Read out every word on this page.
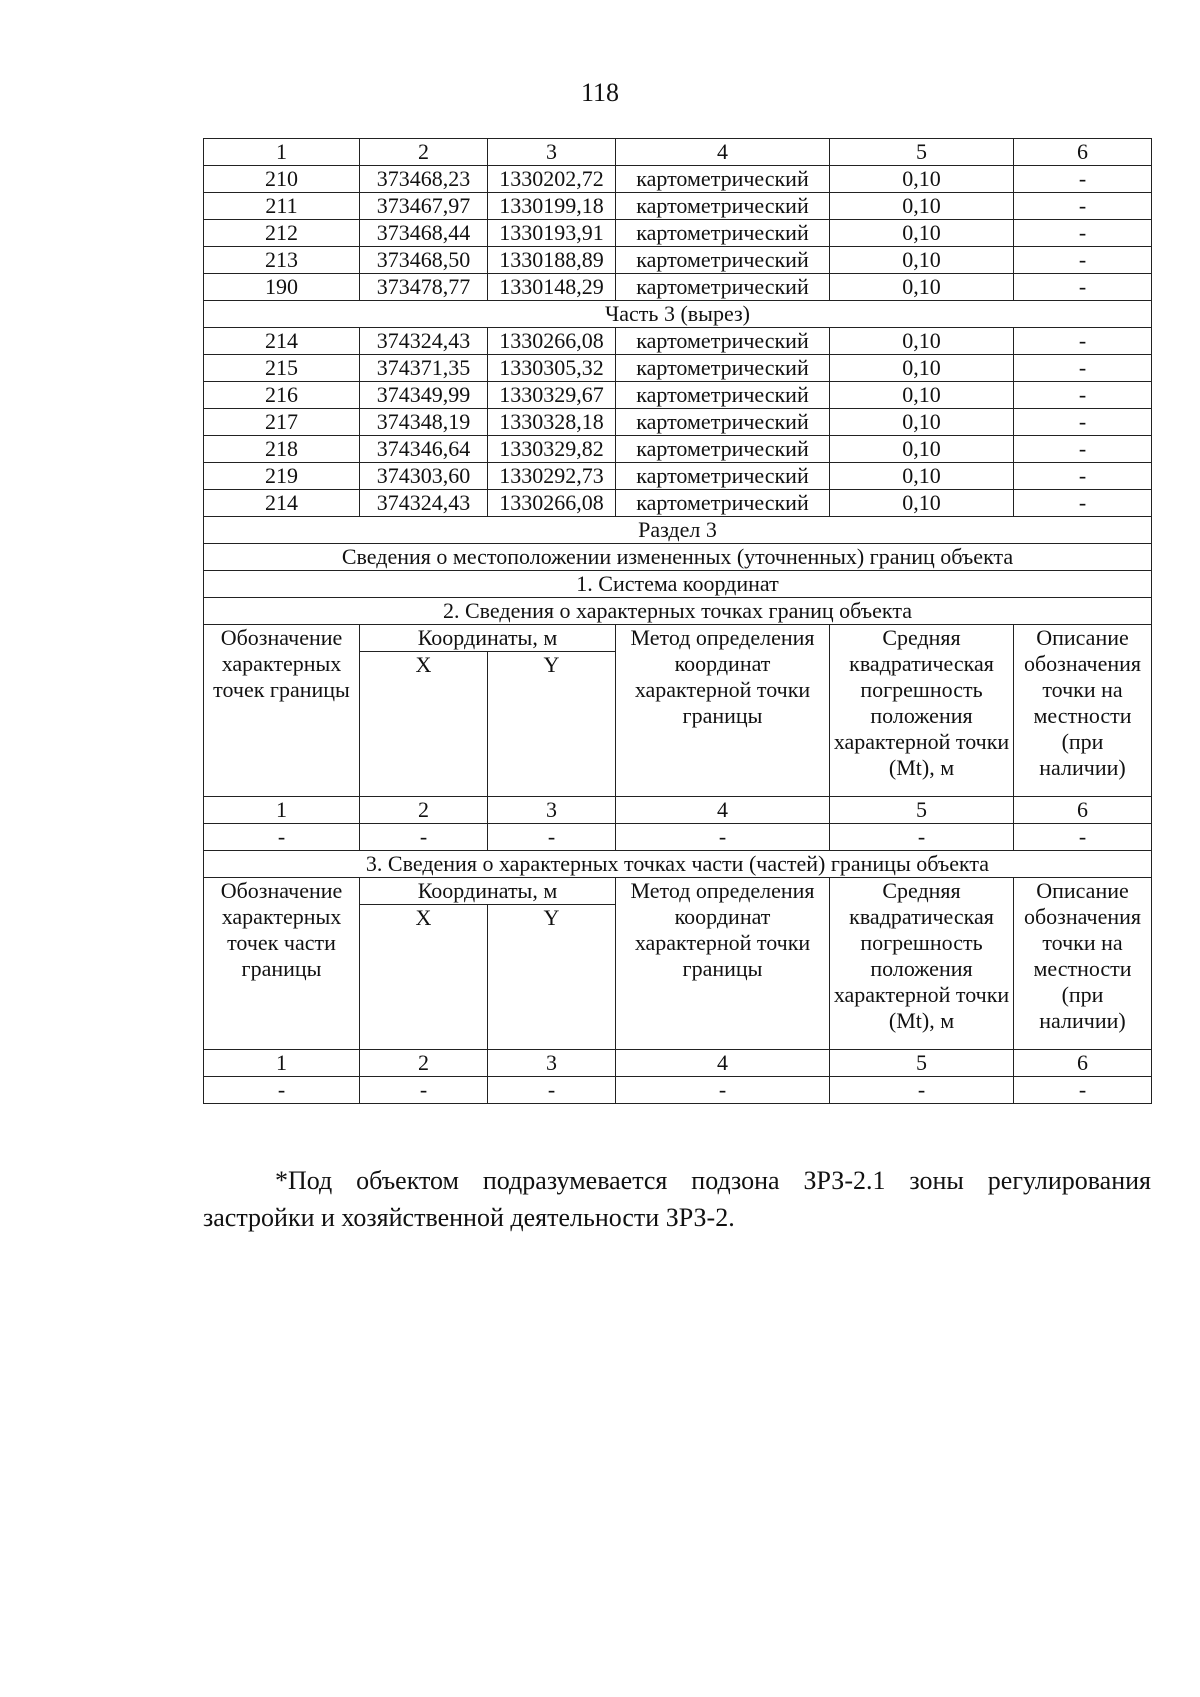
118
1	2	3	4	5	6
210	373468,23	1330202,72	картометрический	0,10	-
211	373467,97	1330199,18	картометрический	0,10	-
212	373468,44	1330193,91	картометрический	0,10	-
213	373468,50	1330188,89	картометрический	0,10	-
190	373478,77	1330148,29	картометрический	0,10	-
Часть 3 (вырез)					
214	374324,43	1330266,08	картометрический	0,10	-
215	374371,35	1330305,32	картометрический	0,10	-
216	374349,99	1330329,67	картометрический	0,10	-
217	374348,19	1330328,18	картометрический	0,10	-
218	374346,64	1330329,82	картометрический	0,10	-
219	374303,60	1330292,73	картометрический	0,10	-
214	374324,43	1330266,08	картометрический	0,10	-
Раздел 3					
Сведения о местоположении измененных (уточненных) границ объекта					
1. Система координат					
2. Сведения о характерных точках границ объекта					
Обозначение характерных точек границы	Координаты, м		Метод определения координат характерной точки границы	Средняя квадратическая погрешность положения характерной точки (Mt), м	Описание обозначения точки на местности (при наличии)
	X	Y			
1	2	3	4	5	6
-	-	-	-	-	-
3. Сведения о характерных точках части (частей) границы объекта					
Обозначение характерных точек части границы	Координаты, м		Метод определения координат характерной точки границы	Средняя квадратическая погрешность положения характерной точки (Mt), м	Описание обозначения точки на местности (при наличии)
	X	Y			
1	2	3	4	5	6
-	-	-	-	-	-
*Под объектом подразумевается подзона ЗРЗ-2.1 зоны регулирования застройки и хозяйственной деятельности ЗРЗ-2.
